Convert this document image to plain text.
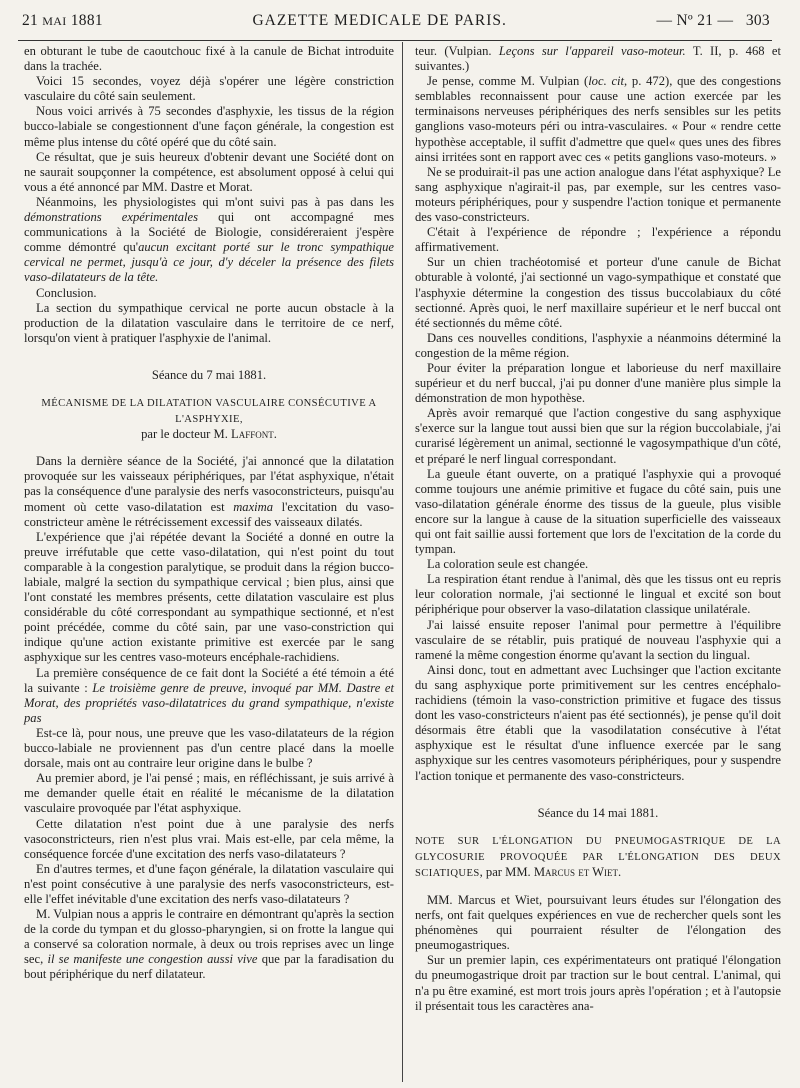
21 MAI 1881	GAZETTE MEDICALE DE PARIS.	— Nº 21 — 303

en obturant le tube de caoutchouc fixé à la canule de Bichat introduite dans la trachée.

Voici 15 secondes, voyez déjà s'opérer une légère constriction vasculaire du côté sain seulement.

Nous voici arrivés à 75 secondes d'asphyxie, les tissus de la région bucco-labiale se congestionnent d'une façon générale, la congestion est même plus intense du côté opéré que du côté sain.

Ce résultat, que je suis heureux d'obtenir devant une Société dont on ne saurait soupçonner la compétence, est absolument opposé à celui qui vous a été annoncé par MM. Dastre et Morat.

Néanmoins, les physiologistes qui m'ont suivi pas à pas dans les démonstrations expérimentales qui ont accompagné mes communications à la Société de Biologie, considéreraient j'espère comme démontré qu'aucun excitant porté sur le tronc sympathique cervical ne permet, jusqu'à ce jour, d'y déceler la présence des filets vaso-dilatateurs de la tête.

Conclusion.

La section du sympathique cervical ne porte aucun obstacle à la production de la dilatation vasculaire dans le territoire de ce nerf, lorsqu'on vient à pratiquer l'asphyxie de l'animal.

Séance du 7 mai 1881.

MÉCANISME DE LA DILATATION VASCULAIRE CONSÉCUTIVE A L'ASPHYXIE,
par le docteur M. Laffont.

Dans la dernière séance de la Société, j'ai annoncé que la dilatation provoquée sur les vaisseaux périphériques, par l'état asphyxique, n'était pas la conséquence d'une paralysie des nerfs vasoconstricteurs, puisqu'au moment où cette vaso-dilatation est maxima l'excitation du vaso-constricteur amène le rétrécissement excessif des vaisseaux dilatés.

L'expérience que j'ai répétée devant la Société a donné en outre la preuve irréfutable que cette vaso-dilatation, qui n'est point du tout comparable à la congestion paralytique, se produit dans la région bucco-labiale, malgré la section du sympathique cervical ; bien plus, ainsi que l'ont constaté les membres présents, cette dilatation vasculaire est plus considérable du côté correspondant au sympathique sectionné, et n'est point précédée, comme du côté sain, par une vaso-constriction qui indique qu'une action existante primitive est exercée par le sang asphyxique sur les centres vaso-moteurs encéphale-rachidiens.

La première conséquence de ce fait dont la Société a été témoin a été la suivante : Le troisième genre de preuve, invoqué par MM. Dastre et Morat, des propriétés vaso-dilatatrices du grand sympathique, n'existe pas

Est-ce là, pour nous, une preuve que les vaso-dilatateurs de la région bucco-labiale ne proviennent pas d'un centre placé dans la moelle dorsale, mais ont au contraire leur origine dans le bulbe ?

Au premier abord, je l'ai pensé ; mais, en réfléchissant, je suis arrivé à me demander quelle était en réalité le mécanisme de la dilatation vasculaire provoquée par l'état asphyxique.

Cette dilatation n'est point due à une paralysie des nerfs vasoconstricteurs, rien n'est plus vrai. Mais est-elle, par cela même, la conséquence forcée d'une excitation des nerfs vaso-dilatateurs ?

En d'autres termes, et d'une façon générale, la dilatation vasculaire qui n'est point consécutive à une paralysie des nerfs vasoconstricteurs, est-elle l'effet inévitable d'une excitation des nerfs vaso-dilatateurs ?

M. Vulpian nous a appris le contraire en démontrant qu'après la section de la corde du tympan et du glosso-pharyngien, si on frotte la langue qui a conservé sa coloration normale, à deux ou trois reprises avec un linge sec, il se manifeste une congestion aussi vive que par la faradisation du bout périphérique du nerf dilatateur.

teur. (Vulpian. Leçons sur l'appareil vaso-moteur. T. II, p. 468 et suivantes.)

Je pense, comme M. Vulpian (loc. cit, p. 472), que des congestions semblables reconnaissent pour cause une action exercée par les terminaisons nerveuses périphériques des nerfs sensibles sur les petits ganglions vaso-moteurs péri ou intra-vasculaires. « Pour « rendre cette hypothèse acceptable, il suffit d'admettre que quel« ques unes des fibres ainsi irritées sont en rapport avec ces « petits ganglions vaso-moteurs. »

Ne se produirait-il pas une action analogue dans l'état asphyxique? Le sang asphyxique n'agirait-il pas, par exemple, sur les centres vaso-moteurs périphériques, pour y suspendre l'action tonique et permanente des vaso-constricteurs.

C'était à l'expérience de répondre ; l'expérience a répondu affirmativement.

Sur un chien trachéotomisé et porteur d'une canule de Bichat obturable à volonté, j'ai sectionné un vago-sympathique et constaté que l'asphyxie détermine la congestion des tissus buccolabiaux du côté sectionné. Après quoi, le nerf maxillaire supérieur et le nerf buccal ont été sectionnés du même côté.

Dans ces nouvelles conditions, l'asphyxie a néanmoins déterminé la congestion de la même région.

Pour éviter la préparation longue et laborieuse du nerf maxillaire supérieur et du nerf buccal, j'ai pu donner d'une manière plus simple la démonstration de mon hypothèse.

Après avoir remarqué que l'action congestive du sang asphyxique s'exerce sur la langue tout aussi bien que sur la région buccolabiale, j'ai curarisé légèrement un animal, sectionné le vagosympathique d'un côté, et préparé le nerf lingual correspondant.

La gueule étant ouverte, on a pratiqué l'asphyxie qui a provoqué comme toujours une anémie primitive et fugace du côté sain, puis une vaso-dilatation générale énorme des tissus de la gueule, plus visible encore sur la langue à cause de la situation superficielle des vaisseaux qui ont fait saillie aussi fortement que lors de l'excitation de la corde du tympan.

La coloration seule est changée.

La respiration étant rendue à l'animal, dès que les tissus ont eu repris leur coloration normale, j'ai sectionné le lingual et excité son bout périphérique pour observer la vaso-dilatation classique unilatérale.

J'ai laissé ensuite reposer l'animal pour permettre à l'équilibre vasculaire de se rétablir, puis pratiqué de nouveau l'asphyxie qui a ramené la même congestion énorme qu'avant la section du lingual.

Ainsi donc, tout en admettant avec Luchsinger que l'action excitante du sang asphyxique porte primitivement sur les centres encéphalo-rachidiens (témoin la vaso-constriction primitive et fugace des tissus dont les vaso-constricteurs n'aient pas été sectionnés), je pense qu'il doit désormais être établi que la vasodilatation consécutive à l'état asphyxique est le résultat d'une influence exercée par le sang asphyxique sur les centres vasomoteurs périphériques, pour y suspendre l'action tonique et permanente des vaso-constricteurs.

Séance du 14 mai 1881.

NOTE SUR L'ÉLONGATION DU PNEUMOGASTRIQUE DE LA GLYCOSURIE PROVOQUÉE PAR L'ÉLONGATION DES DEUX SCIATIQUES, par MM. Marcus et Wiet.

MM. Marcus et Wiet, poursuivant leurs études sur l'élongation des nerfs, ont fait quelques expériences en vue de rechercher quels sont les phénomènes qui pourraient résulter de l'élongation des pneumogastriques.

Sur un premier lapin, ces expérimentateurs ont pratiqué l'élongation du pneumogastrique droit par traction sur le bout central. L'animal, qui n'a pu être examiné, est mort trois jours après l'opération ; et à l'autopsie il présentait tous les caractères ana-
